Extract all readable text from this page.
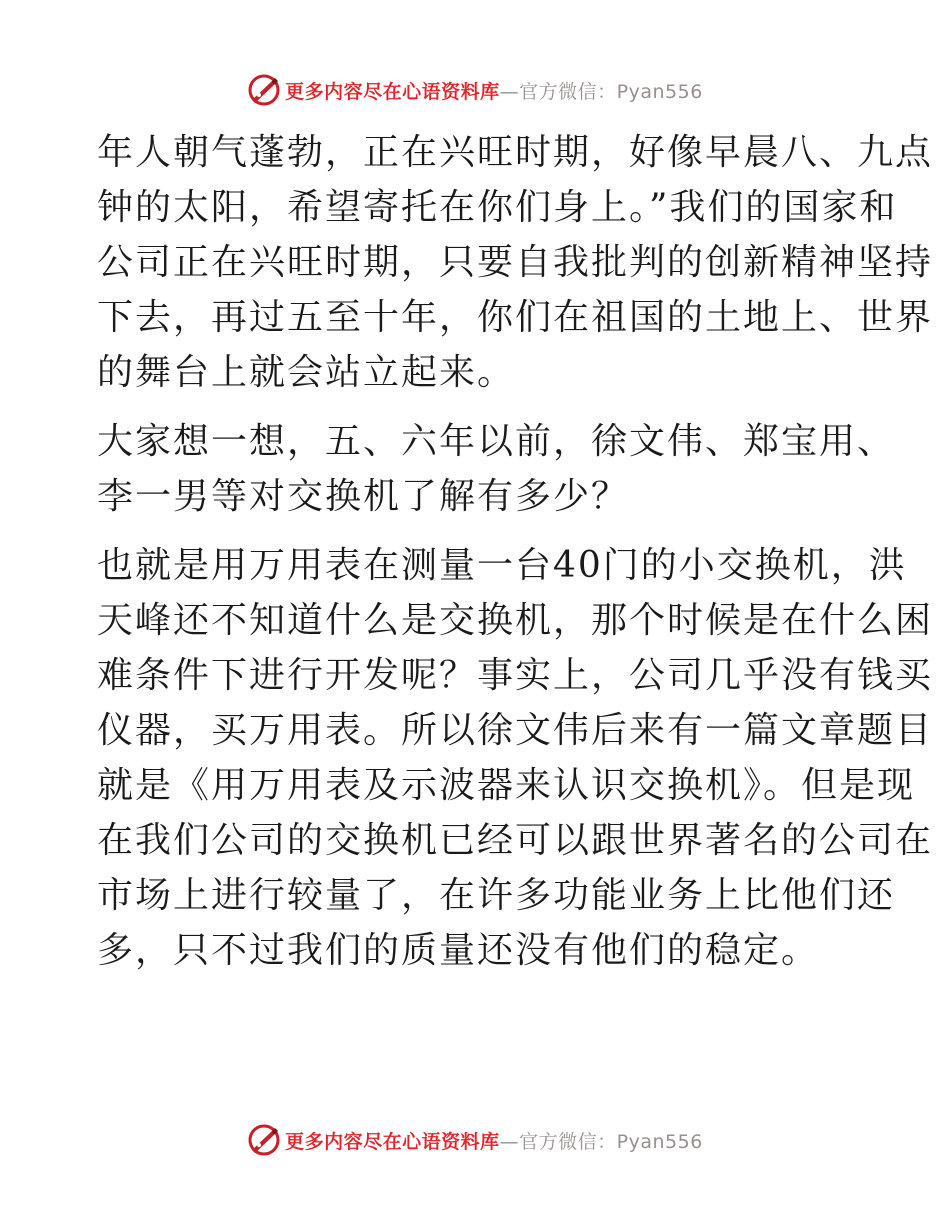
更多内容尽在心语资料库—官方微信：Pyan556

年人朝气蓬勃，正在兴旺时期，好像早晨八、九点
钟的太阳，希望寄托在你们身上。”我们的国家和
公司正在兴旺时期，只要自我批判的创新精神坚持
下去，再过五至十年，你们在祖国的土地上、世界
的舞台上就会站立起来。

大家想一想，五、六年以前，徐文伟、郑宝用、
李一男等对交换机了解有多少？

也就是用万用表在测量一台40门的小交换机，洪
天峰还不知道什么是交换机，那个时候是在什么困
难条件下进行开发呢？事实上，公司几乎没有钱买
仪器，买万用表。所以徐文伟后来有一篇文章题目
就是《用万用表及示波器来认识交换机》。但是现
在我们公司的交换机已经可以跟世界著名的公司在
市场上进行较量了，在许多功能业务上比他们还
多，只不过我们的质量还没有他们的稳定。

更多内容尽在心语资料库—官方微信：Pyan556
